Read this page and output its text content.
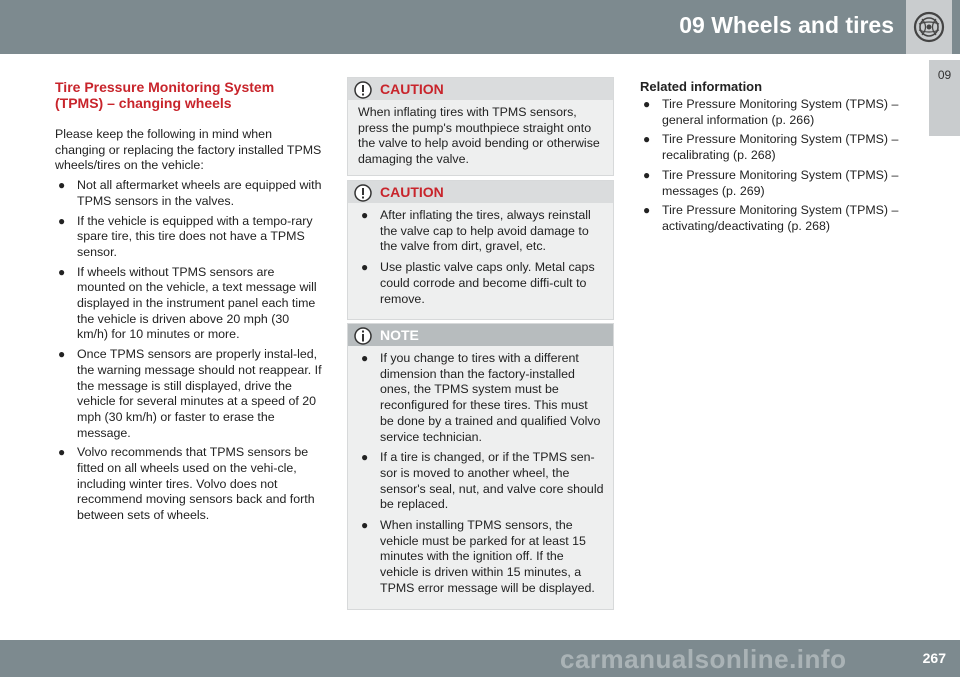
09 Wheels and tires
09
Tire Pressure Monitoring System (TPMS) – changing wheels

Please keep the following in mind when changing or replacing the factory installed TPMS wheels/tires on the vehicle:

● Not all aftermarket wheels are equipped with TPMS sensors in the valves.
● If the vehicle is equipped with a tempo-rary spare tire, this tire does not have a TPMS sensor.
● If wheels without TPMS sensors are mounted on the vehicle, a text message will displayed in the instrument panel each time the vehicle is driven above 20 mph (30 km/h) for 10 minutes or more.
● Once TPMS sensors are properly instal-led, the warning message should not reappear. If the message is still displayed, drive the vehicle for several minutes at a speed of 20 mph (30 km/h) or faster to erase the message.
● Volvo recommends that TPMS sensors be fitted on all wheels used on the vehi-cle, including winter tires. Volvo does not recommend moving sensors back and forth between sets of wheels.
CAUTION

When inflating tires with TPMS sensors, press the pump's mouthpiece straight onto the valve to help avoid bending or otherwise damaging the valve.

CAUTION
● After inflating the tires, always reinstall the valve cap to help avoid damage to the valve from dirt, gravel, etc.
● Use plastic valve caps only. Metal caps could corrode and become diffi-cult to remove.
NOTE
● If you change to tires with a different dimension than the factory-installed ones, the TPMS system must be reconfigured for these tires. This must be done by a trained and qualified Volvo service technician.
● If a tire is changed, or if the TPMS sen-sor is moved to another wheel, the sensor's seal, nut, and valve core should be replaced.
● When installing TPMS sensors, the vehicle must be parked for at least 15 minutes with the ignition off. If the vehicle is driven within 15 minutes, a TPMS error message will be displayed.
Related information
● Tire Pressure Monitoring System (TPMS) – general information (p. 266)
● Tire Pressure Monitoring System (TPMS) – recalibrating (p. 268)
● Tire Pressure Monitoring System (TPMS) – messages (p. 269)
● Tire Pressure Monitoring System (TPMS) – activating/deactivating (p. 268)
267
carmanualsonline.info
